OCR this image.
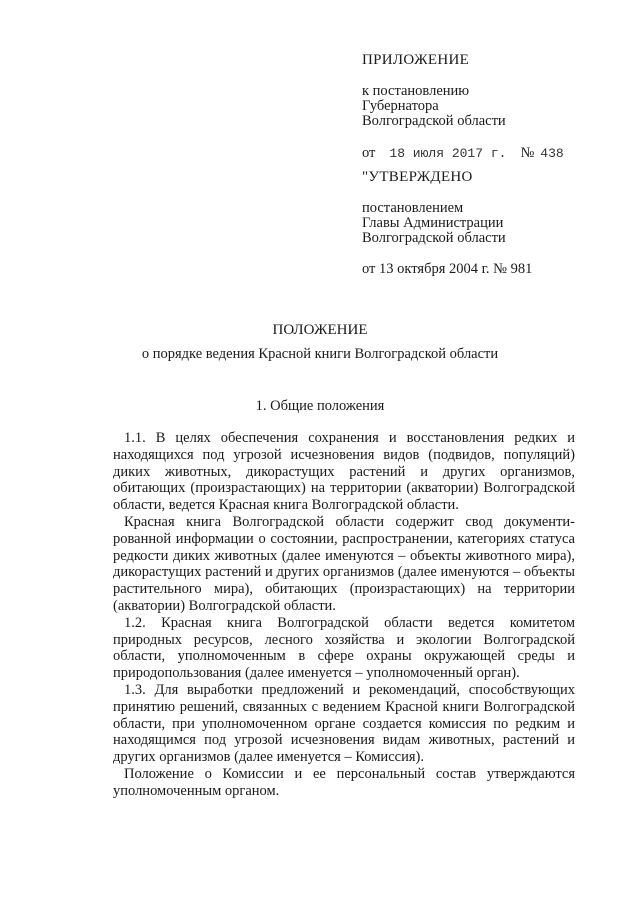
ПРИЛОЖЕНИЕ
к постановлению
Губернатора
Волгоградской области
от 18 июля 2017 г. № 438
"УТВЕРЖДЕНО
постановлением
Главы Администрации
Волгоградской области
от 13 октября 2004 г. № 981
ПОЛОЖЕНИЕ
о порядке ведения Красной книги Волгоградской области
1. Общие положения

1.1. В целях обеспечения сохранения и восстановления редких и находящихся под угрозой исчезновения видов (подвидов, популяций) диких животных, дикорастущих растений и других организмов, обитающих (произрастающих) на территории (акватории) Волгоградской области, ведется Красная книга Волгоградской области.

Красная книга Волгоградской области содержит свод документи-рованной информации о состоянии, распространении, категориях статуса редкости диких животных (далее именуются – объекты животного мира), дикорастущих растений и других организмов (далее именуются – объекты растительного мира), обитающих (произрастающих) на территории (акватории) Волгоградской области.

1.2. Красная книга Волгоградской области ведется комитетом природных ресурсов, лесного хозяйства и экологии Волгоградской области, уполномоченным в сфере охраны окружающей среды и природопользования (далее именуется – уполномоченный орган).

1.3. Для выработки предложений и рекомендаций, способствующих принятию решений, связанных с ведением Красной книги Волгоградской области, при уполномоченном органе создается комиссия по редким и находящимся под угрозой исчезновения видам животных, растений и других организмов (далее именуется – Комиссия).

Положение о Комиссии и ее персональный состав утверждаются уполномоченным органом.
